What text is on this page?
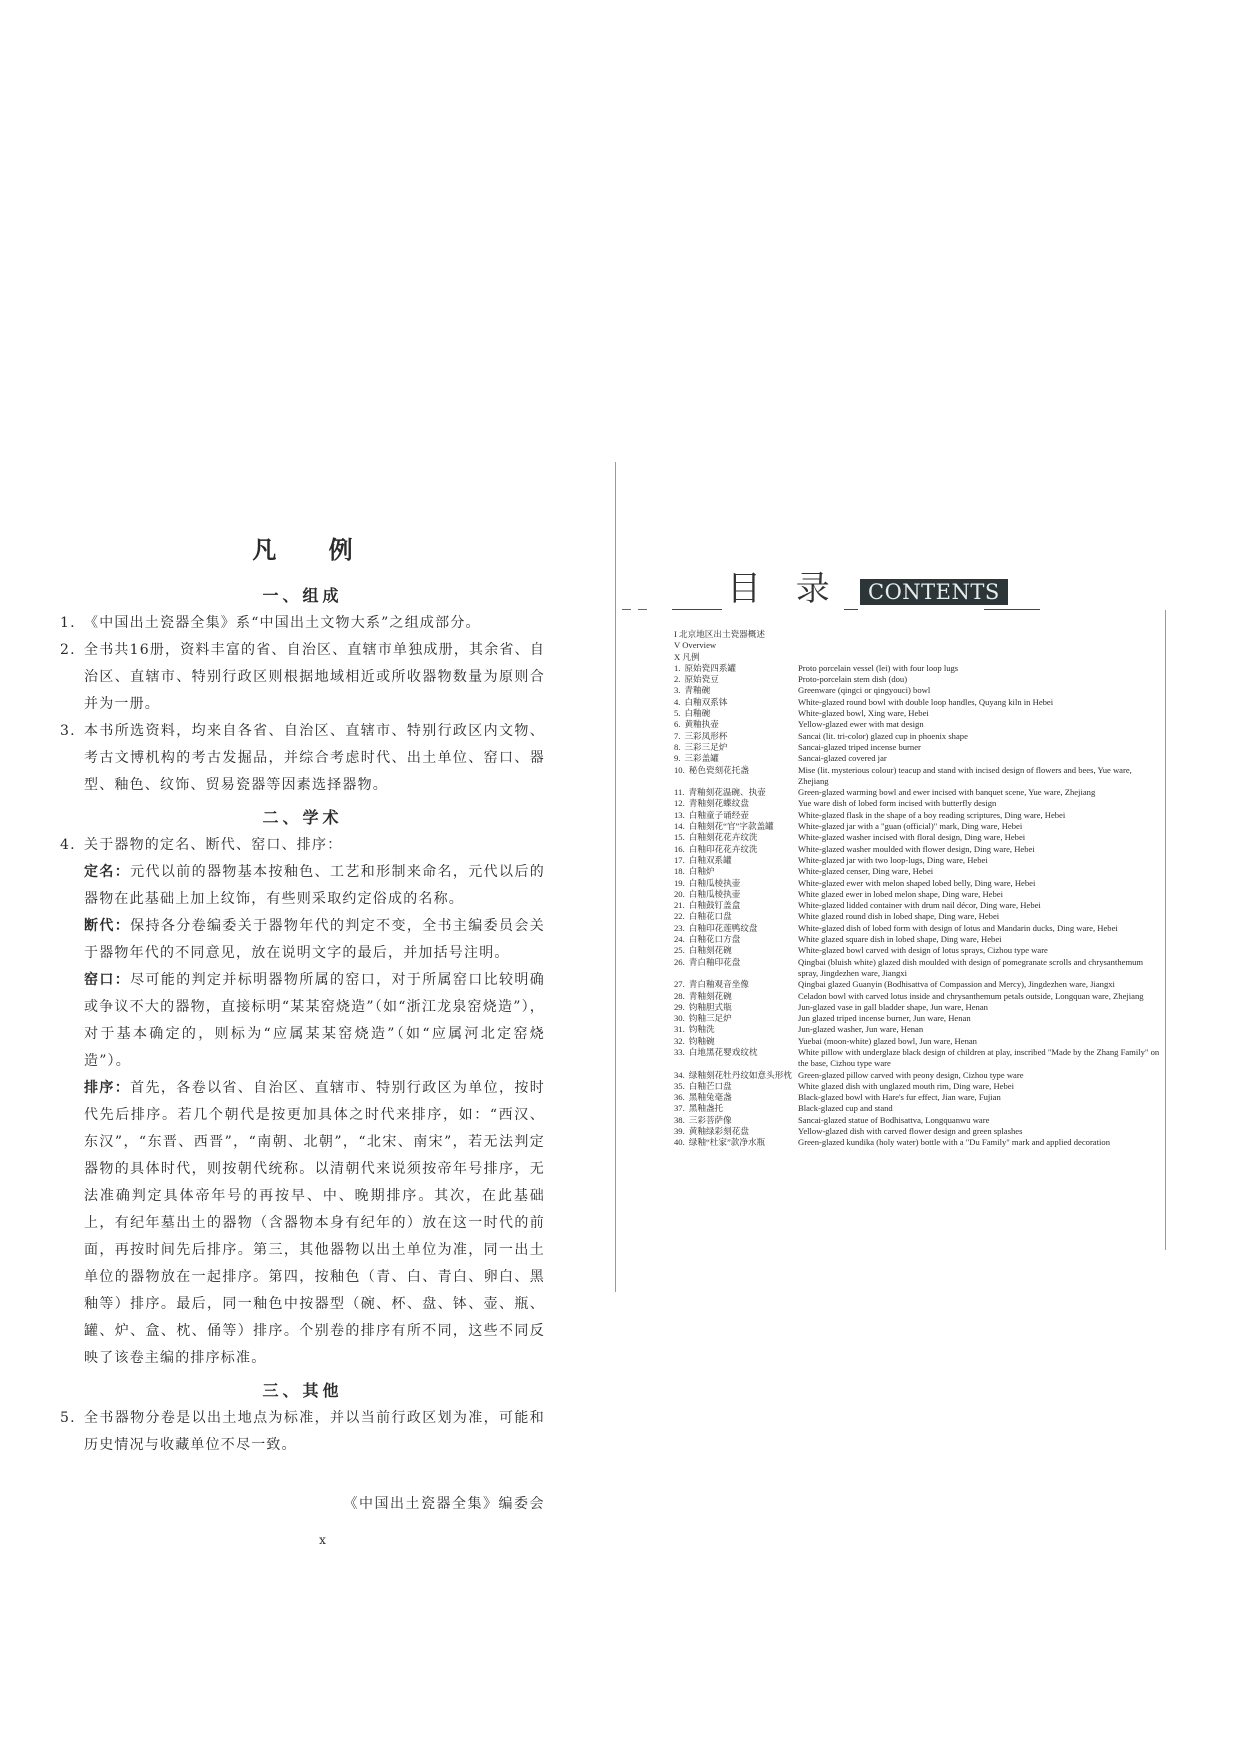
凡 例
一、组成
1. 《中国出土瓷器全集》系“中国出土文物大系”之组成部分。
2. 全书共16册，资料丰富的省、自治区、直辖市单独成册，其余省、自治区、直辖市、特别行政区则根据地域相近或所收器物数量为原则合并为一册。
3. 本书所选资料，均来自各省、自治区、直辖市、特别行政区内文物、考古文博机构的考古发掘品，并综合考虑时代、出土单位、窑口、器型、釉色、纹饰、贸易瓷器等因素选择器物。
二、学术
4. 关于器物的定名、断代、窑口、排序：
定名：元代以前的器物基本按釉色、工艺和形制来命名，元代以后的器物在此基础上加上纹饰，有些则采取约定俗成的名称。
断代：保持各分卷编委关于器物年代的判定不变，全书主编委员会关于器物年代的不同意见，放在说明文字的最后，并加括号注明。
窑口：尽可能的判定并标明器物所属的窑口，对于所属窑口比较明确或争议不大的器物，直接标明“某某窑烧造”（如“浙江龙泉窑烧造”），对于基本确定的，则标为“应属某某窑烧造”（如“应属河北定窑烧造”）。
排序：首先，各卷以省、自治区、直辖市、特别行政区为单位，按时代先后排序。若几个朝代是按更加具体之时代来排序，如：“西汉、东汉”，“东晋、西晋”，“南朝、北朝”，“北宋、南宋”，若无法判定器物的具体时代，则按朝代统称。以清朝代来说须按帝年号排序，无法准确判定具体帝年号的再按早、中、晚期排序。其次，在此基础上，有纪年墓出土的器物（含器物本身有纪年的）放在这一时代的前面，再按时间先后排序。第三，其他器物以出土单位为准，同一出土单位的器物放在一起排序。第四，按釉色（青、白、青白、卵白、黑釉等）排序。最后，同一釉色中按器型（碗、杯、盘、钵、壶、瓶、罐、炉、盒、枕、俑等）排序。个别卷的排序有所不同，这些不同反映了该卷主编的排序标准。
三、其他
5. 全书器物分卷是以出土地点为标准，并以当前行政区划为准，可能和历史情况与收藏单位不尽一致。
《中国出土瓷器全集》编委会
x
目 录	CONTENTS
I 北京地区出土瓷器概述
V Overview
X 凡例
1. 原始瓷四系罐	Proto porcelain vessel (lei) with four loop lugs
2. 原始瓷豆	Proto-porcelain stem dish (dou)
3. 青釉碗	Greenware (qingci or qingyouci) bowl
4. 白釉双系钵	White-glazed round bowl with double loop handles, Quyang kiln in Hebei
5. 白釉碗	White-glazed bowl, Xing ware, Hebei
6. 黄釉执壶	Yellow-glazed ewer with mat design
7. 三彩凤形杯	Sancai (lit. tri-color) glazed cup in phoenix shape
8. 三彩三足炉	Sancai-glazed triped incense burner
9. 三彩盖罐	Sancai-glazed covered jar
10. 秘色瓷刻花托盏	Mise (lit. mysterious colour) teacup and stand with incised design of flowers and bees, Yue ware, Zhejiang
11. 青釉刻花温碗、执壶	Green-glazed warming bowl and ewer incised with banquet scene, Yue ware, Zhejiang
12. 青釉刻花蝶纹盘	Yue ware dish of lobed form incised with butterfly design
13. 白釉童子诵经壶	White-glazed flask in the shape of a boy reading scriptures, Ding ware, Hebei
14. 白釉刻花“官”字款盖罐	White-glazed jar with a "guan (official)" mark, Ding ware, Hebei
15. 白釉刻花花卉纹洗	White-glazed washer incised with floral design, Ding ware, Hebei
16. 白釉印花花卉纹洗	White-glazed washer moulded with flower design, Ding ware, Hebei
17. 白釉双系罐	White-glazed jar with two loop-lugs, Ding ware, Hebei
18. 白釉炉	White-glazed censer, Ding ware, Hebei
19. 白釉瓜棱执壶	White-glazed ewer with melon shaped lobed belly, Ding ware, Hebei
20. 白釉瓜棱执壶	White glazed ewer in lobed melon shape, Ding ware, Hebei
21. 白釉鼓钉盖盒	White-glazed lidded container with drum nail décor, Ding ware, Hebei
22. 白釉花口盘	White glazed round dish in lobed shape, Ding ware, Hebei
23. 白釉印花莲鸭纹盘	White-glazed dish of lobed form with design of lotus and Mandarin ducks, Ding ware, Hebei
24. 白釉花口方盘	White glazed square dish in lobed shape, Ding ware, Hebei
25. 白釉刻花碗	White-glazed bowl carved with design of lotus sprays, Cizhou type ware
26. 青白釉印花盘	Qingbai (bluish white) glazed dish moulded with design of pomegranate scrolls and chrysanthemum spray, Jingdezhen ware, Jiangxi
27. 青白釉观音坐像	Qingbai glazed Guanyin (Bodhisattva of Compassion and Mercy), Jingdezhen ware, Jiangxi
28. 青釉刻花碗	Celadon bowl with carved lotus inside and chrysanthemum petals outside, Longquan ware, Zhejiang
29. 钧釉胆式瓶	Jun-glazed vase in gall bladder shape, Jun ware, Henan
30. 钧釉三足炉	Jun glazed triped incense burner, Jun ware, Henan
31. 钧釉洗	Jun-glazed washer, Jun ware, Henan
32. 钧釉碗	Yuebai (moon-white) glazed bowl, Jun ware, Henan
33. 白地黑花婴戏纹枕	White pillow with underglaze black design of children at play, inscribed "Made by the Zhang Family" on the base, Cizhou type ware
34. 绿釉刻花牡丹纹如意头形枕 Green-glazed pillow carved with peony design, Cizhou type ware
35. 白釉芒口盘	White glazed dish with unglazed mouth rim, Ding ware, Hebei
36. 黑釉兔毫盏	Black-glazed bowl with Hare's fur effect, Jian ware, Fujian
37. 黑釉盏托	Black-glazed cup and stand
38. 三彩菩萨像	Sancai-glazed statue of Bodhisattva, Longquanwu ware
39. 黄釉绿彩刻花盘	Yellow-glazed dish with carved flower design and green splashes
40. 绿釉“杜家”款净水瓶	Green-glazed kundika (holy water) bottle with a "Du Family" mark and applied decoration
